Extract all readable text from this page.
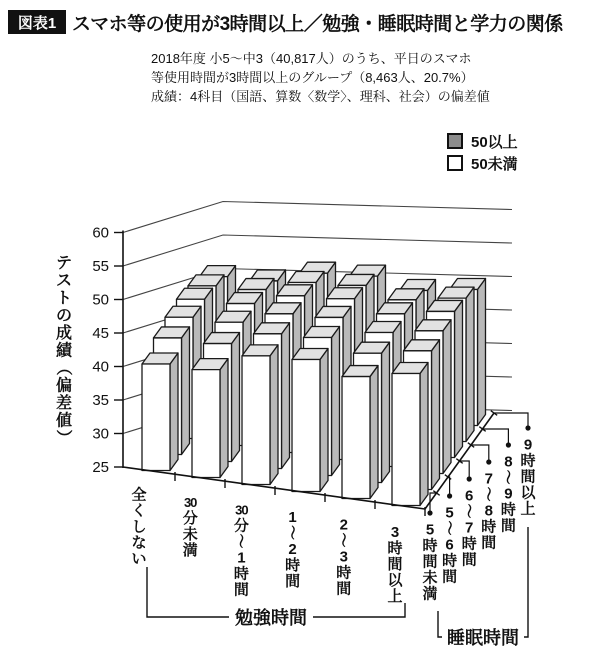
図表1 スマホ等の使用が3時間以上／勉強・睡眠時間と学力の関係
2018年度 小5〜中3（40,817人）のうち、平日のスマホ
等使用時間が3時間以上のグループ（8,463人、20.7%）
成績：4科目（国語、算数〈数学〉、理科、社会）の偏差値
50以上
50未満
60
55
50
45
40
35
30
25
5
時
間
未
満
5
〜
6
時
間
6
〜
7
時
間
7
〜
8
時
間
8
〜
9
時
間
9
時
間
以
上
全
く
し
な
い
30
分
未
満
30
分
〜
1
時
間
1
〜
2
時
間
2
〜
3
時
間
3
時
間
以
上
テ
ス
ト
の
成
績
（
偏
差
値
）
勉強時間
睡眠時間
